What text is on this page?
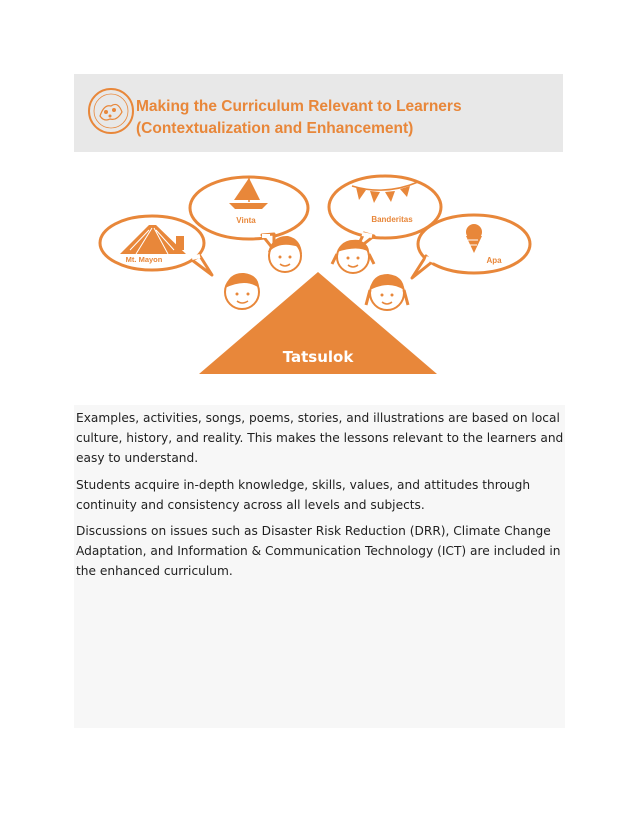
Making the Curriculum Relevant to Learners
(Contextualization and Enhancement)
Vinta	Banderitas
Mt. Mayon	Apa
Tatsulok

Examples, activities, songs, poems, stories, and illustrations are based on local culture, history, and reality. This makes the lessons relevant to the learners and easy to understand.

Students acquire in-depth knowledge, skills, values, and attitudes through continuity and consistency across all levels and subjects.

Discussions on issues such as Disaster Risk Reduction (DRR), Climate Change Adaptation, and Information & Communication Technology (ICT) are included in the enhanced curriculum.
